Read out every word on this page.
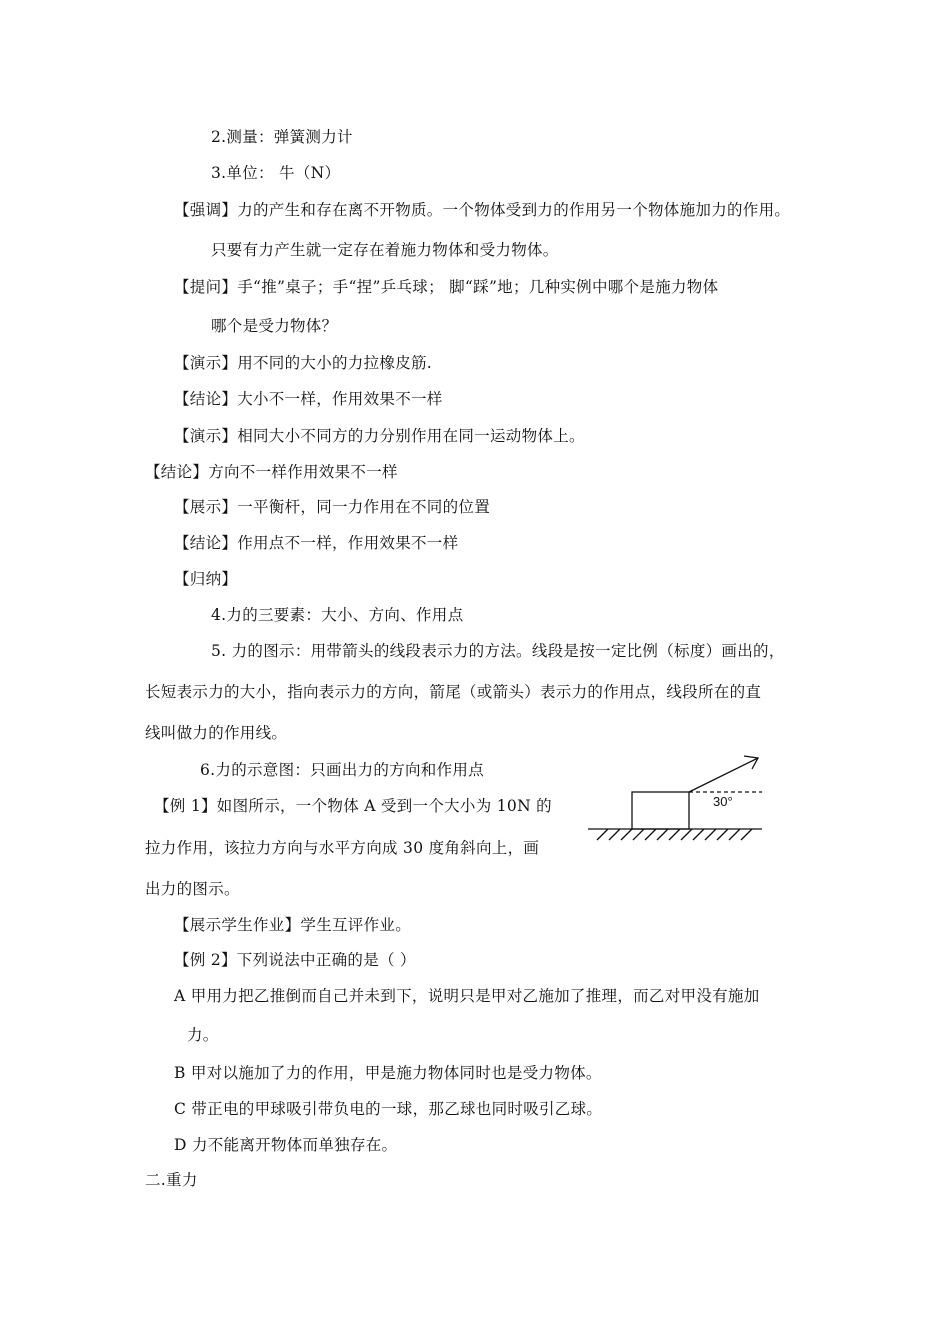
2.测量：弹簧测力计
3.单位： 牛（N）
【强调】力的产生和存在离不开物质。一个物体受到力的作用另一个物体施加力的作用。
只要有力产生就一定存在着施力物体和受力物体。
【提问】手“推”桌子；手“捏”乒乓球； 脚“踩”地；几种实例中哪个是施力物体
哪个是受力物体？
【演示】用不同的大小的力拉橡皮筋.
【结论】大小不一样，作用效果不一样
【演示】相同大小不同方的力分别作用在同一运动物体上。
【结论】方向不一样作用效果不一样
【展示】一平衡杆，同一力作用在不同的位置
【结论】作用点不一样，作用效果不一样
【归纳】
4.力的三要素：大小、方向、作用点
5. 力的图示：用带箭头的线段表示力的方法。线段是按一定比例（标度）画出的，
长短表示力的大小，指向表示力的方向，箭尾（或箭头）表示力的作用点，线段所在的直
线叫做力的作用线。
6.力的示意图：只画出力的方向和作用点
【例 1】如图所示，一个物体 A 受到一个大小为 10N 的
拉力作用，该拉力方向与水平方向成 30 度角斜向上，画
出力的图示。
【展示学生作业】学生互评作业。
【例 2】下列说法中正确的是（ ）
A 甲用力把乙推倒而自己并未到下，说明只是甲对乙施加了推理，而乙对甲没有施加
力。
B 甲对以施加了力的作用，甲是施力物体同时也是受力物体。
C 带正电的甲球吸引带负电的一球，那乙球也同时吸引乙球。
D 力不能离开物体而单独存在。
二.重力
30°
